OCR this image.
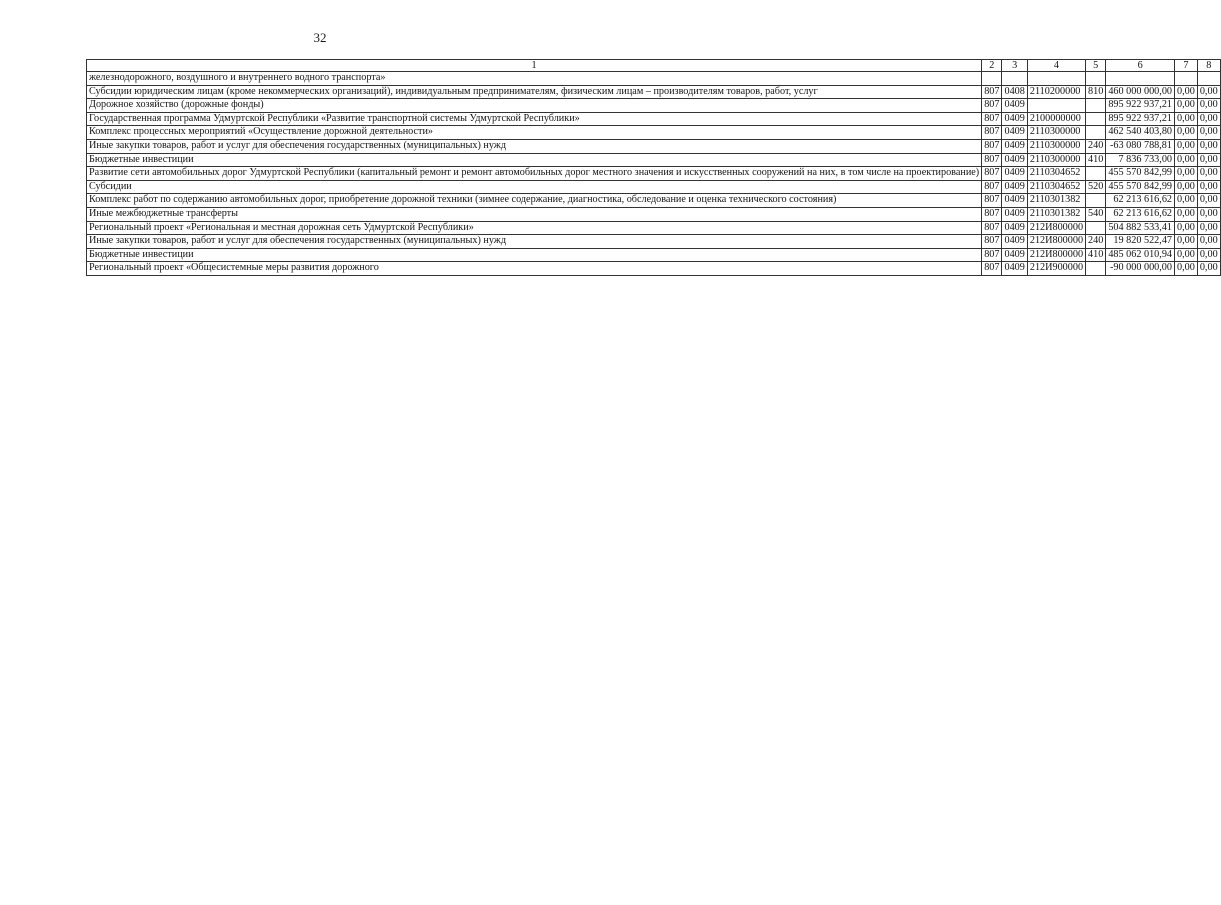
32
1	2	3	4	5	6	7	8
железнодорожного, воздушного и внутреннего водного транспорта»							
Субсидии юридическим лицам (кроме некоммерческих организаций), индивидуальным предпринимателям, физическим лицам – производителям товаров, работ, услуг	807	0408	2110200000	810	460 000 000,00	0,00	0,00
Дорожное хозяйство (дорожные фонды)	807	0409			895 922 937,21	0,00	0,00
Государственная программа Удмуртской Республики «Развитие транспортной системы Удмуртской Республики»	807	0409	2100000000		895 922 937,21	0,00	0,00
Комплекс процессных мероприятий «Осуществление дорожной деятельности»	807	0409	2110300000		462 540 403,80	0,00	0,00
Иные закупки товаров, работ и услуг для обеспечения государственных (муниципальных) нужд	807	0409	2110300000	240	-63 080 788,81	0,00	0,00
Бюджетные инвестиции	807	0409	2110300000	410	7 836 733,00	0,00	0,00
Развитие сети автомобильных дорог Удмуртской Республики (капитальный ремонт и ремонт автомобильных дорог местного значения и искусственных сооружений на них, в том числе на проектирование)	807	0409	2110304652		455 570 842,99	0,00	0,00
Субсидии	807	0409	2110304652	520	455 570 842,99	0,00	0,00
Комплекс работ по содержанию автомобильных дорог, приобретение дорожной техники (зимнее содержание, диагностика, обследование и оценка технического состояния)	807	0409	2110301382		62 213 616,62	0,00	0,00
Иные межбюджетные трансферты	807	0409	2110301382	540	62 213 616,62	0,00	0,00
Региональный проект «Региональная и местная дорожная сеть Удмуртской Республики»	807	0409	212И800000		504 882 533,41	0,00	0,00
Иные закупки товаров, работ и услуг для обеспечения государственных (муниципальных) нужд	807	0409	212И800000	240	19 820 522,47	0,00	0,00
Бюджетные инвестиции	807	0409	212И800000	410	485 062 010,94	0,00	0,00
Региональный проект «Общесистемные меры развития дорожного	807	0409	212И900000		-90 000 000,00	0,00	0,00
